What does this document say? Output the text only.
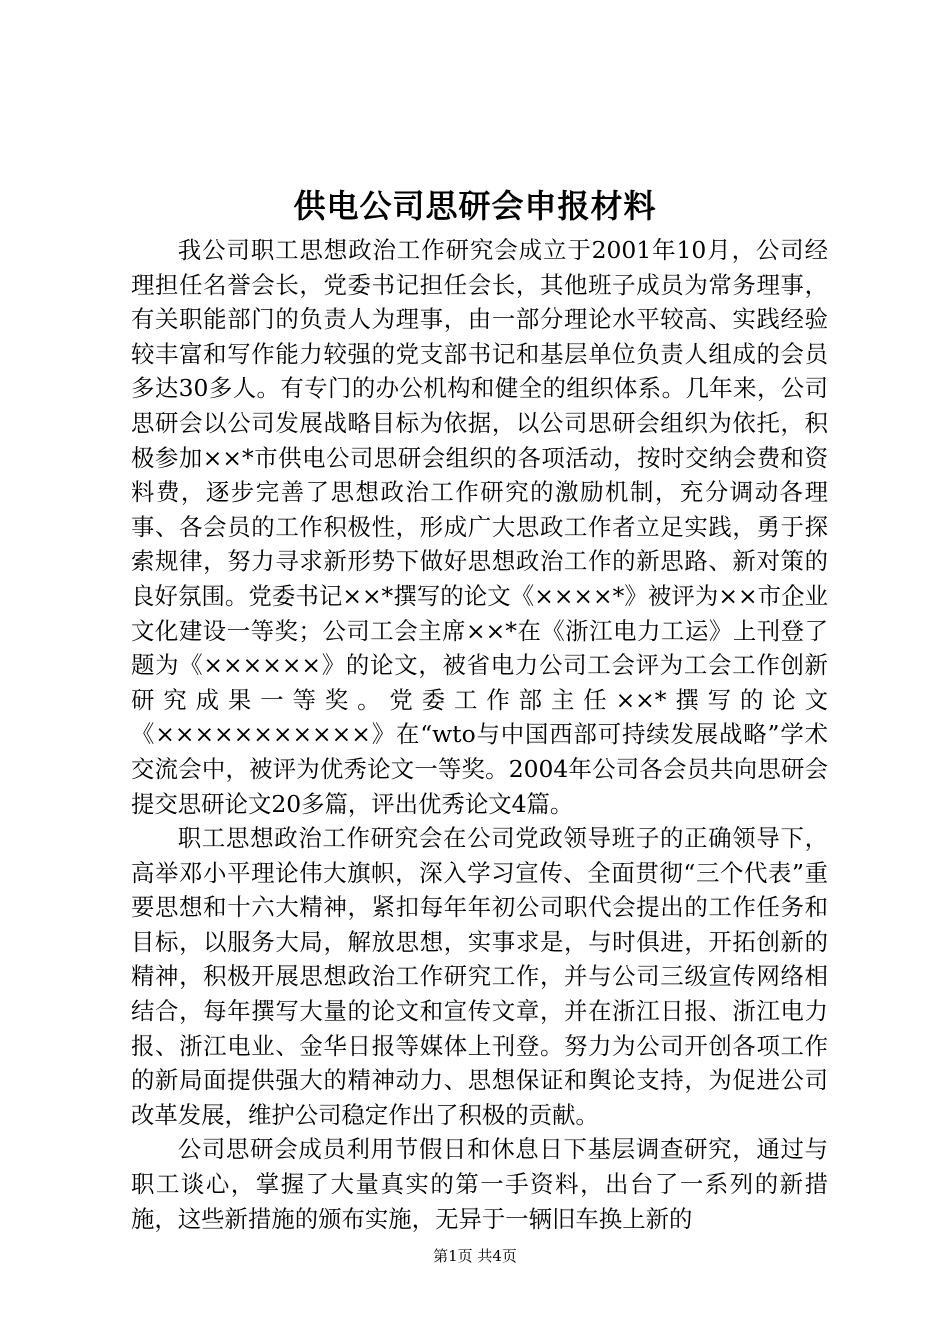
供电公司思研会申报材料

我公司职工思想政治工作研究会成立于2001年10月，公司经理担任名誉会长，党委书记担任会长，其他班子成员为常务理事，有关职能部门的负责人为理事，由一部分理论水平较高、实践经验较丰富和写作能力较强的党支部书记和基层单位负责人组成的会员多达30多人。有专门的办公机构和健全的组织体系。几年来，公司思研会以公司发展战略目标为依据，以公司思研会组织为依托，积极参加××*市供电公司思研会组织的各项活动，按时交纳会费和资料费，逐步完善了思想政治工作研究的激励机制，充分调动各理事、各会员的工作积极性，形成广大思政工作者立足实践，勇于探索规律，努力寻求新形势下做好思想政治工作的新思路、新对策的良好氛围。党委书记××*撰写的论文《××××*》被评为××市企业文化建设一等奖；公司工会主席××*在《浙江电力工运》上刊登了题为《××××××》的论文，被省电力公司工会评为工会工作创新研究成果一等奖。党委工作部主任××*撰写的论文《×××××××××××》在“wto与中国西部可持续发展战略”学术交流会中，被评为优秀论文一等奖。2004年公司各会员共向思研会提交思研论文20多篇，评出优秀论文4篇。

职工思想政治工作研究会在公司党政领导班子的正确领导下，高举邓小平理论伟大旗帜，深入学习宣传、全面贯彻“三个代表”重要思想和十六大精神，紧扣每年年初公司职代会提出的工作任务和目标，以服务大局，解放思想，实事求是，与时俱进，开拓创新的精神，积极开展思想政治工作研究工作，并与公司三级宣传网络相结合，每年撰写大量的论文和宣传文章，并在浙江日报、浙江电力报、浙江电业、金华日报等媒体上刊登。努力为公司开创各项工作的新局面提供强大的精神动力、思想保证和舆论支持，为促进公司改革发展，维护公司稳定作出了积极的贡献。

公司思研会成员利用节假日和休息日下基层调查研究，通过与职工谈心，掌握了大量真实的第一手资料，出台了一系列的新措施，这些新措施的颁布实施，无异于一辆旧车换上新的

第1页 共4页
